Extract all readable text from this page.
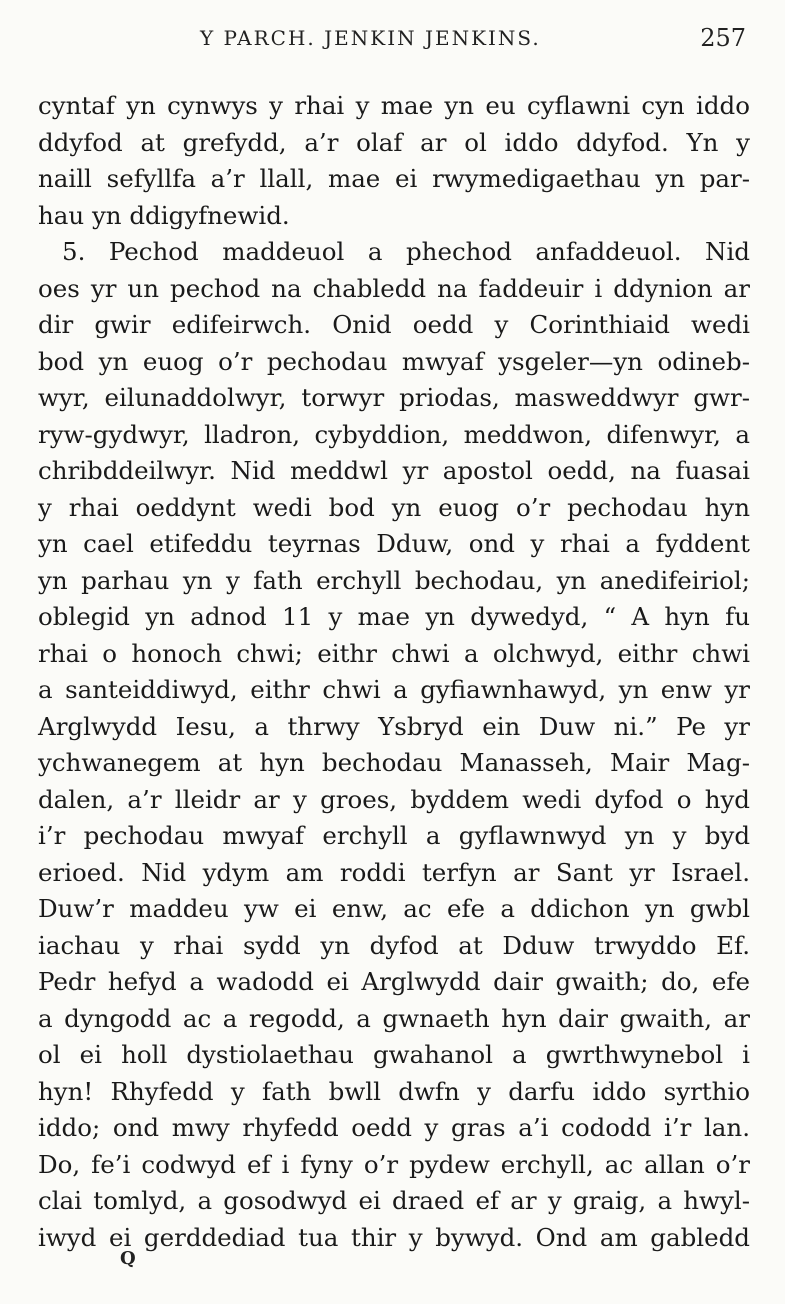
Y PARCH. JENKIN JENKINS.	257
cyntaf yn cynwys y rhai y mae yn eu cyflawni cyn iddo
ddyfod at grefydd, a’r olaf ar ol iddo ddyfod. Yn y
naill sefyllfa a’r llall, mae ei rwymedigaethau yn par-
hau yn ddigyfnewid.
5. Pechod maddeuol a phechod anfaddeuol. Nid
oes yr un pechod na chabledd na faddeuir i ddynion ar
dir gwir edifeirwch. Onid oedd y Corinthiaid wedi
bod yn euog o’r pechodau mwyaf ysgeler—yn odineb-
wyr, eilunaddolwyr, torwyr priodas, masweddwyr gwr-
ryw-gydwyr, lladron, cybyddion, meddwon, difenwyr, a
chribddeilwyr. Nid meddwl yr apostol oedd, na fuasai
y rhai oeddynt wedi bod yn euog o’r pechodau hyn
yn cael etifeddu teyrnas Dduw, ond y rhai a fyddent
yn parhau yn y fath erchyll bechodau, yn anedifeiriol;
oblegid yn adnod 11 y mae yn dywedyd, “ A hyn fu
rhai o honoch chwi; eithr chwi a olchwyd, eithr chwi
a santeiddiwyd, eithr chwi a gyfiawnhawyd, yn enw yr
Arglwydd Iesu, a thrwy Ysbryd ein Duw ni.” Pe yr
ychwanegem at hyn bechodau Manasseh, Mair Mag-
dalen, a’r lleidr ar y groes, byddem wedi dyfod o hyd
i’r pechodau mwyaf erchyll a gyflawnwyd yn y byd
erioed. Nid ydym am roddi terfyn ar Sant yr Israel.
Duw’r maddeu yw ei enw, ac efe a ddichon yn gwbl
iachau y rhai sydd yn dyfod at Dduw trwyddo Ef.
Pedr hefyd a wadodd ei Arglwydd dair gwaith; do, efe
a dyngodd ac a regodd, a gwnaeth hyn dair gwaith, ar
ol ei holl dystiolaethau gwahanol a gwrthwynebol i
hyn! Rhyfedd y fath bwll dwfn y darfu iddo syrthio
iddo; ond mwy rhyfedd oedd y gras a’i cododd i’r lan.
Do, fe’i codwyd ef i fyny o’r pydew erchyll, ac allan o’r
clai tomlyd, a gosodwyd ei draed ef ar y graig, a hwyl-
iwyd ei gerddediad tua thir y bywyd. Ond am gabledd
Q
